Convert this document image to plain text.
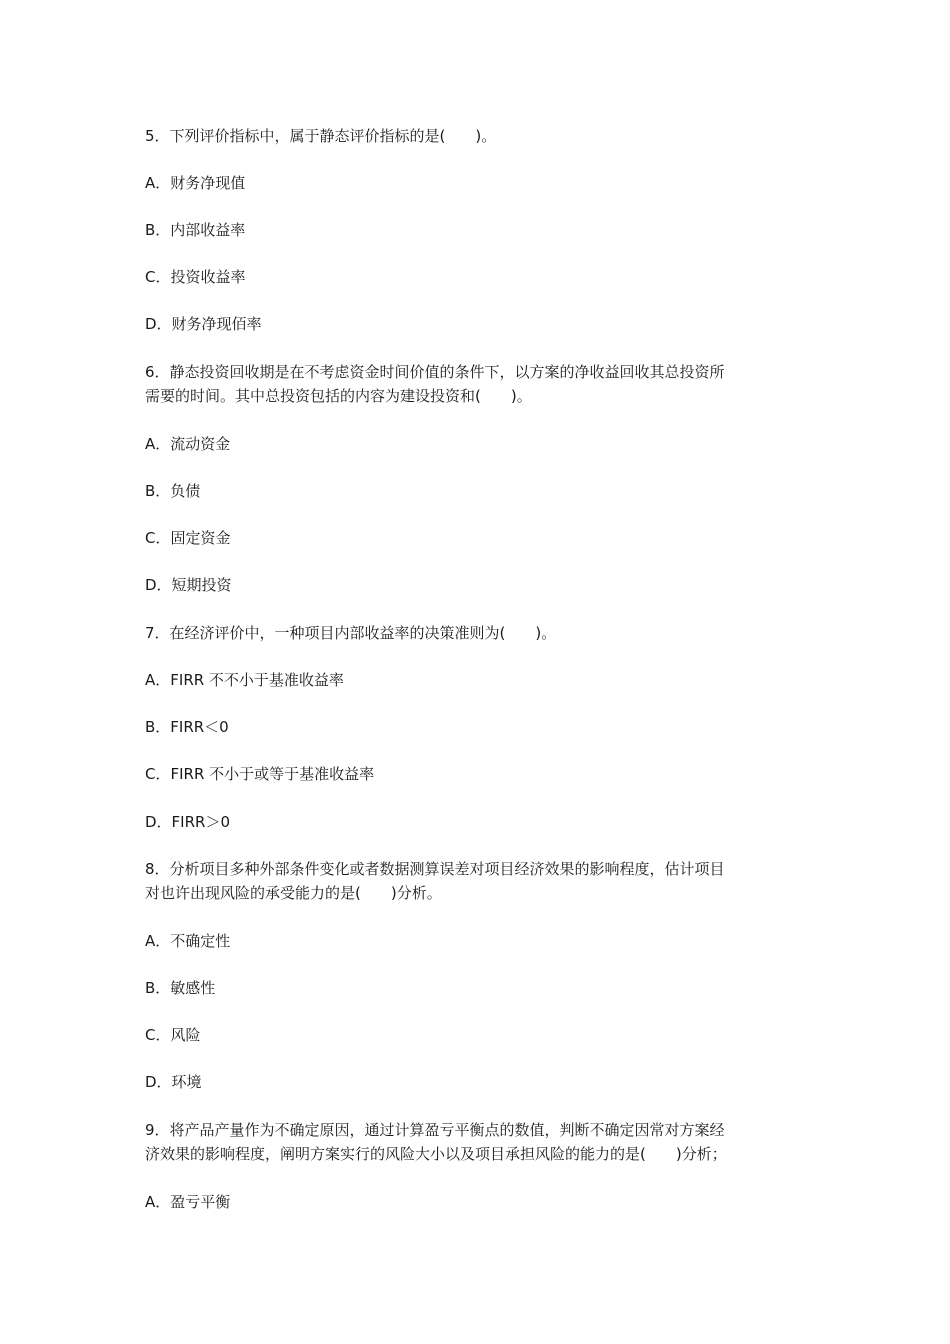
5．下列评价指标中，属于静态评价指标的是(　　)。
A．财务净现值
B．内部收益率
C．投资收益率
D．财务净现佰率
6．静态投资回收期是在不考虑资金时间价值的条件下，以方案的净收益回收其总投资所
需要的时间。其中总投资包括的内容为建设投资和(　　)。
A．流动资金
B．负债
C．固定资金
D．短期投资
7．在经济评价中，一种项目内部收益率的决策准则为(　　)。
A．FIRR 不不小于基准收益率
B．FIRR＜0
C．FIRR 不小于或等于基准收益率
D．FIRR＞0
8．分析项目多种外部条件变化或者数据测算误差对项目经济效果的影响程度，估计项目
对也许出现风险的承受能力的是(　　)分析。
A．不确定性
B．敏感性
C．风险
D．环境
9．将产品产量作为不确定原因，通过计算盈亏平衡点的数值，判断不确定因常对方案经
济效果的影响程度，阐明方案实行的风险大小以及项目承担风险的能力的是(　　)分析；
A．盈亏平衡
